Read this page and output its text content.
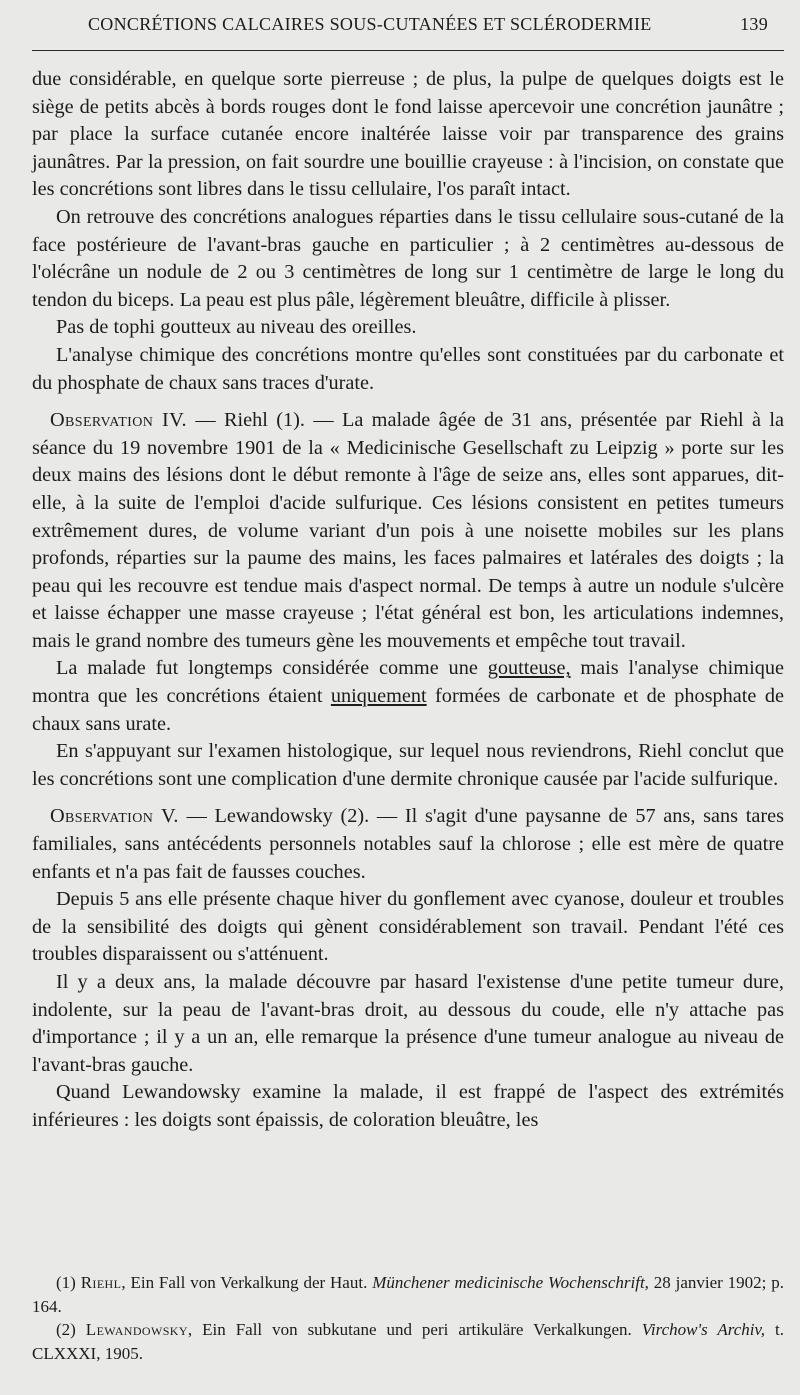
CONCRÉTIONS CALCAIRES SOUS-CUTANÉES ET SCLÉRODERMIE	139

due considérable, en quelque sorte pierreuse ; de plus, la pulpe de quelques doigts est le siège de petits abcès à bords rouges dont le fond laisse apercevoir une concrétion jaunâtre ; par place la surface cutanée encore inaltérée laisse voir par transparence des grains jaunâtres. Par la pression, on fait sourdre une bouillie crayeuse : à l'incision, on constate que les concrétions sont libres dans le tissu cellulaire, l'os paraît intact.

On retrouve des concrétions analogues réparties dans le tissu cellulaire sous-cutané de la face postérieure de l'avant-bras gauche en particulier ; à 2 centimètres au-dessous de l'olécrâne un nodule de 2 ou 3 centimètres de long sur 1 centimètre de large le long du tendon du biceps. La peau est plus pâle, légèrement bleuâtre, difficile à plisser.

Pas de tophi goutteux au niveau des oreilles.

L'analyse chimique des concrétions montre qu'elles sont constituées par du carbonate et du phosphate de chaux sans traces d'urate.

Observation IV. — Riehl (1). — La malade âgée de 31 ans, présentée par Riehl à la séance du 19 novembre 1901 de la « Medicinische Gesellschaft zu Leipzig » porte sur les deux mains des lésions dont le début remonte à l'âge de seize ans, elles sont apparues, dit-elle, à la suite de l'emploi d'acide sulfurique. Ces lésions consistent en petites tumeurs extrêmement dures, de volume variant d'un pois à une noisette mobiles sur les plans profonds, réparties sur la paume des mains, les faces palmaires et latérales des doigts ; la peau qui les recouvre est tendue mais d'aspect normal. De temps à autre un nodule s'ulcère et laisse échapper une masse crayeuse ; l'état général est bon, les articulations indemnes, mais le grand nombre des tumeurs gène les mouvements et empêche tout travail.

La malade fut longtemps considérée comme une goutteuse, mais l'analyse chimique montra que les concrétions étaient uniquement formées de carbonate et de phosphate de chaux sans urate.

En s'appuyant sur l'examen histologique, sur lequel nous reviendrons, Riehl conclut que les concrétions sont une complication d'une dermite chronique causée par l'acide sulfurique.

Observation V. — Lewandowsky (2). — Il s'agit d'une paysanne de 57 ans, sans tares familiales, sans antécédents personnels notables sauf la chlorose ; elle est mère de quatre enfants et n'a pas fait de fausses couches.

Depuis 5 ans elle présente chaque hiver du gonflement avec cyanose, douleur et troubles de la sensibilité des doigts qui gènent considérablement son travail. Pendant l'été ces troubles disparaissent ou s'atténuent.

Il y a deux ans, la malade découvre par hasard l'existense d'une petite tumeur dure, indolente, sur la peau de l'avant-bras droit, au dessous du coude, elle n'y attache pas d'importance ; il y a un an, elle remarque la présence d'une tumeur analogue au niveau de l'avant-bras gauche.

Quand Lewandowsky examine la malade, il est frappé de l'aspect des extrémités inférieures : les doigts sont épaissis, de coloration bleuâtre, les

(1) Riehl, Ein Fall von Verkalkung der Haut. Münchener medicinische Wochenschrift, 28 janvier 1902; p. 164.

(2) Lewandowsky, Ein Fall von subkutane und peri artikuläre Verkalkungen. Virchow's Archiv, t. CLXXXI, 1905.
